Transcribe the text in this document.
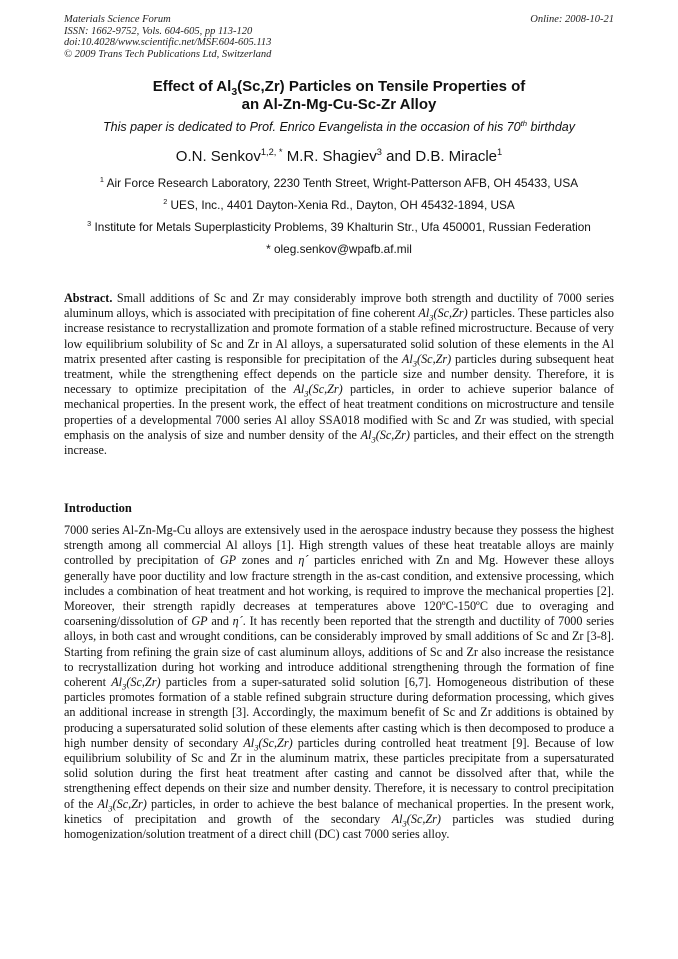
Materials Science Forum
ISSN: 1662-9752, Vols. 604-605, pp 113-120
doi:10.4028/www.scientific.net/MSF.604-605.113
© 2009 Trans Tech Publications Ltd, Switzerland
Online: 2008-10-21
Effect of $Al_3(Sc,Zr)$ Particles on Tensile Properties of
an Al-Zn-Mg-Cu-Sc-Zr Alloy
This paper is dedicated to Prof. Enrico Evangelista in the occasion of his 70th birthday
O.N. Senkov$^{1,2, *}$ M.R. Shagiev$^3$ and D.B. Miracle$^1$
$^1$ Air Force Research Laboratory, 2230 Tenth Street, Wright-Patterson AFB, OH 45433, USA
$^2$ UES, Inc., 4401 Dayton-Xenia Rd., Dayton, OH 45432-1894, USA
$^3$ Institute for Metals Superplasticity Problems, 39 Khalturin Str., Ufa 450001, Russian Federation
* oleg.senkov@wpafb.af.mil

Abstract. Small additions of Sc and Zr may considerably improve both strength and ductility of 7000 series aluminum alloys, which is associated with precipitation of fine coherent $Al_3(Sc,Zr)$ particles. These particles also increase resistance to recrystallization and promote formation of a stable refined microstructure. Because of very low equilibrium solubility of Sc and Zr in Al alloys, a supersaturated solid solution of these elements in the Al matrix presented after casting is responsible for precipitation of the $Al_3(Sc,Zr)$ particles during subsequent heat treatment, while the strengthening effect depends on the particle size and number density. Therefore, it is necessary to optimize precipitation of the $Al_3(Sc,Zr)$ particles, in order to achieve superior balance of mechanical properties. In the present work, the effect of heat treatment conditions on microstructure and tensile properties of a developmental 7000 series Al alloy SSA018 modified with Sc and Zr was studied, with special emphasis on the analysis of size and number density of the $Al_3(Sc,Zr)$ particles, and their effect on the strength increase.

Introduction

7000 series Al-Zn-Mg-Cu alloys are extensively used in the aerospace industry because they possess the highest strength among all commercial Al alloys [1]. High strength values of these heat treatable alloys are mainly controlled by precipitation of GP zones and η´ particles enriched with Zn and Mg. However these alloys generally have poor ductility and low fracture strength in the as-cast condition, and extensive processing, which includes a combination of heat treatment and hot working, is required to improve the mechanical properties [2]. Moreover, their strength rapidly decreases at temperatures above 120ºC-150ºC due to overaging and coarsening/dissolution of GP and η´. It has recently been reported that the strength and ductility of 7000 series alloys, in both cast and wrought conditions, can be considerably improved by small additions of Sc and Zr [3-8]. Starting from refining the grain size of cast aluminum alloys, additions of Sc and Zr also increase the resistance to recrystallization during hot working and introduce additional strengthening through the formation of fine coherent $Al_3(Sc,Zr)$ particles from a super-saturated solid solution [6,7]. Homogeneous distribution of these particles promotes formation of a stable refined subgrain structure during deformation processing, which gives an additional increase in strength [3]. Accordingly, the maximum benefit of Sc and Zr additions is obtained by producing a supersaturated solid solution of these elements after casting which is then decomposed to produce a high number density of secondary $Al_3(Sc,Zr)$ particles during controlled heat treatment [9]. Because of low equilibrium solubility of Sc and Zr in the aluminum matrix, these particles precipitate from a supersaturated solid solution during the first heat treatment after casting and cannot be dissolved after that, while the strengthening effect depends on their size and number density. Therefore, it is necessary to control precipitation of the $Al_3(Sc,Zr)$ particles, in order to achieve the best balance of mechanical properties. In the present work, kinetics of precipitation and growth of the secondary $Al_3(Sc,Zr)$ particles was studied during homogenization/solution treatment of a direct chill (DC) cast 7000 series alloy.
